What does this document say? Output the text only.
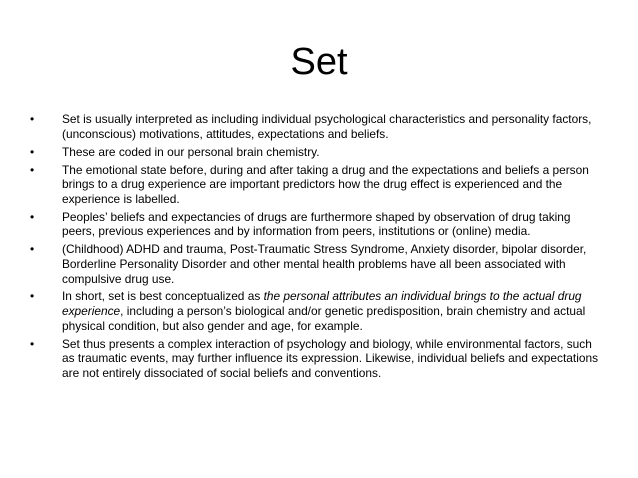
Set
•	Set is usually interpreted as including individual psychological characteristics and personality factors, (unconscious) motivations, attitudes, expectations and beliefs.
•	These are coded in our personal brain chemistry.
•	The emotional state before, during and after taking a drug and the expectations and beliefs a person brings to a drug experience are important predictors how the drug effect is experienced and the experience is labelled.
•	Peoples’ beliefs and expectancies of drugs are furthermore shaped by observation of drug taking peers, previous experiences and by information from peers, institutions or (online) media.
•	(Childhood) ADHD and trauma, Post-Traumatic Stress Syndrome, Anxiety disorder, bipolar disorder, Borderline Personality Disorder and other mental health problems have all been associated with compulsive drug use.
•	In short, set is best conceptualized as the personal attributes an individual brings to the actual drug experience, including a person’s biological and/or genetic predisposition, brain chemistry and actual physical condition, but also gender and age, for example.
•	Set thus presents a complex interaction of psychology and biology, while environmental factors, such as traumatic events, may further influence its expression. Likewise, individual beliefs and expectations are not entirely dissociated of social beliefs and conventions.
